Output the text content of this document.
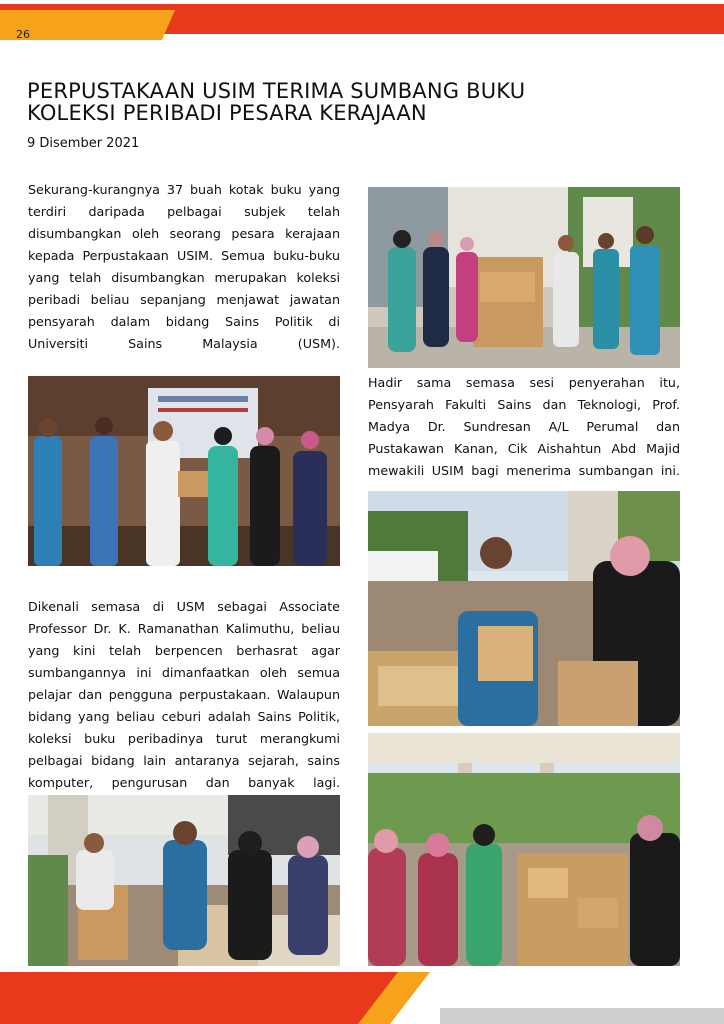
26
PERPUSTAKAAN USIM TERIMA SUMBANG BUKU
KOLEKSI PERIBADI PESARA KERAJAAN
9 Disember 2021

Sekurang-kurangnya 37 buah kotak buku yang terdiri daripada pelbagai subjek telah disumbangkan oleh seorang pesara kerajaan kepada Perpustakaan USIM. Semua buku-buku yang telah disumbangkan merupakan koleksi peribadi beliau sepanjang menjawat jawatan pensyarah dalam bidang Sains Politik di Universiti Sains Malaysia (USM).

Hadir sama semasa sesi penyerahan itu, Pensyarah Fakulti Sains dan Teknologi, Prof. Madya Dr. Sundresan A/L Perumal dan Pustakawan Kanan, Cik Aishahtun Abd Majid mewakili USIM bagi menerima sumbangan ini.

Dikenali semasa di USM sebagai Associate Professor Dr. K. Ramanathan Kalimuthu, beliau yang kini telah berpencen berhasrat agar sumbangannya ini dimanfaatkan oleh semua pelajar dan pengguna perpustakaan. Walaupun bidang yang beliau ceburi adalah Sains Politik, koleksi buku peribadinya turut merangkumi pelbagai bidang lain antaranya sejarah, sains komputer, pengurusan dan banyak lagi.
